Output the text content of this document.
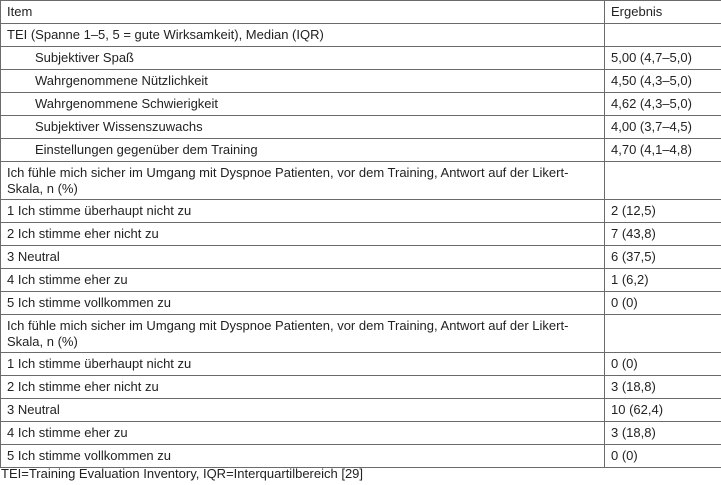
Item	Ergebnis
TEI (Spanne 1–5, 5 = gute Wirksamkeit), Median (IQR)	
Subjektiver Spaß	5,00 (4,7–5,0)
Wahrgenommene Nützlichkeit	4,50 (4,3–5,0)
Wahrgenommene Schwierigkeit	4,62 (4,3–5,0)
Subjektiver Wissenszuwachs	4,00 (3,7–4,5)
Einstellungen gegenüber dem Training	4,70 (4,1–4,8)
Ich fühle mich sicher im Umgang mit Dyspnoe Patienten, vor dem Training, Antwort auf der Likert-Skala, n (%)	
1 Ich stimme überhaupt nicht zu	2 (12,5)
2 Ich stimme eher nicht zu	7 (43,8)
3 Neutral	6 (37,5)
4 Ich stimme eher zu	1 (6,2)
5 Ich stimme vollkommen zu	0 (0)
Ich fühle mich sicher im Umgang mit Dyspnoe Patienten, vor dem Training, Antwort auf der Likert-Skala, n (%)	
1 Ich stimme überhaupt nicht zu	0 (0)
2 Ich stimme eher nicht zu	3 (18,8)
3 Neutral	10 (62,4)
4 Ich stimme eher zu	3 (18,8)
5 Ich stimme vollkommen zu	0 (0)
TEI=Training Evaluation Inventory, IQR=Interquartilbereich [29]
